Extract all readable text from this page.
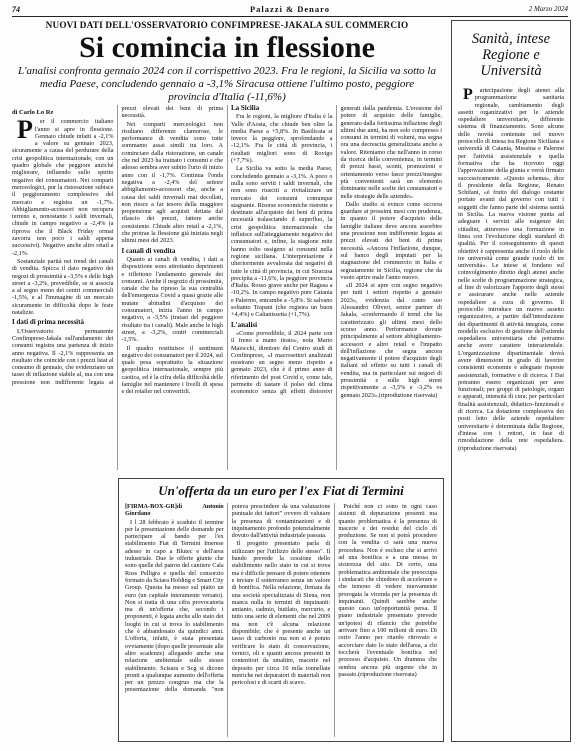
74	Palazzi & Denaro	2 Marzo 2024
NUOVI DATI DELL'OSSERVATORIO CONFIMPRESE-JAKALA SUL COMMERCIO
Si comincia in flessione
L'analisi confronta gennaio 2024 con il corrispettivo 2023. Fra le regioni, la Sicilia va sotto la media Paese, concludendo gennaio a -3,1% Siracusa ottiene l'ultimo posto, peggiore provincia d'Italia (-11,6%)
di Carlo Lo Re

P er il commercio italiano l'anno si apre in flessione. Gennaio chiude infatti a -2,1% a valore su gennaio 2023, sicuramente a causa del perdurare della crisi geopolitica internazionale, con un quadro globale che peggiore anziché migliorare, influendo sullo spirito negativo dei consumatori. Nei comparti merceologici, pur la ristorazione subisce il peggioramento complessivo del mercato e registra un -1,7%. Abbigliamento-accessori non recupera terreno e, nonostante i saldi invernali, chiude in campo negativo a -2,4% (a riprova che il Black Friday ormai zavorra non poco i saldi appena successivi). Negativo anche altro retail a -2,1%.

Sostanziale parità nei trend dei canali di vendita. Spicca il dato negativo dei negozi di prossimità a -3,5% e delle high street a -3,2%, prevedibile, se si associa a al segno meno dei centri commerciali -1,5%, e al l'immagine di un mercato sicuramente in difficoltà dopo le feste natalizie.

I dati di prima necessità

L'Osservatorio permanente Confimprese-Jakala sull'andamento dei consumi registra una partenza di inizio anno negativa. Il -2,1% rappresenta un risultato che coincide con i prezzi lstat al consumo di gennaio, che evidenziano un tasso di inflazione stabile al, ma con una pressione non indifferente legata ai prezzi elevati dei beni di prima necessità.

Nei comparti merceologici non risultano differenze clamorose, le performance di vendita sono tutte sommamo assai simili tra loro. A cominciare dalla ristorazione, un canale che nel 2023 ha trainato i consumi e che adesso sembra aver subito l'urto di inizio anno con il -1,7%. Continua l'onda negativa a -2,4% del settore abbigliamento-accessori che, anche a causa dei saldi invernali mai decollati, non riesce a far tesoro della maggiore propensione agli acquisti dettata dal rilascio dei prezzi, fattore anche consistente. Chiude altro retail a -2,1%, che protrae la flessione già iniziata negli ultimi mesi del 2023.

I canali di vendita

Quanto ai canali di vendita, i dati a disposizione sono attrettanto deprimenti e riflettono l'andamento generale dei consumi. Anche il negozio di prossimità, canale che ha ripreso la sua centralità dell'emergenza Covid a quasi grazie alle mutate abitudini d'acquisto dei consumatori, inizia l'anno in campo negativo, a -3,5% (tratasi del peggiore risultato tra i canali). Male anche le high street, a -3,2%, centri commerciali -1,5%.

Il quadro restituisce il sentiment negativo dei consumatori per il 2024, sul quale pesa soprattutto la situazione geopolitica internazionale, sempre più caotica, ed è la cifra della difficoltà delle famiglie nel mantenere i livelli di spesa e dei retailer nel convertirli.

La Sicilia

Fra le regioni, la migliore d'Italia è la Valle d'Aosta, che chiude ben oltre la media Paese a +5,8%. In Basilicata si invece la peggiore, sprofondando a -12,1%. Fra le città di provincia, i risultati migliori sono di Rovigo (+7,7%).

La Sicilia va sotto la media Paese, concludendo gennaio a -3,1%. A poco o nulla sono serviti i saldi invernali, che non sono riusciti a rivitalizzare un mercato dei consumi comunque stagnante. Risorse economiche ristrette e destinate all'acquisto dei beni di prima necessità tralasciando il superfluo, la crisi geopolitica internazionale che influisce sull'atteggiamento negativo dei consumatori e, infine, la stagione mite hanno tolto ossigeno ai consumi nella regione siciliana. L'interpretazione è ulteriormente avvalorata dai negativi di tutte le città di provincia, in cui Siracusa precipita a -11,6%, la peggiore provincia d'Italia. Rosso grave anche per Ragusa a -10,2%. In campo negativo pure Catania e Palermo, entrambe a -5,8%. Si salvano soltanto Trapani (che registra un buon +4,4%) e Caltanissetta (+1,7%).

L'analisi

«Come prevedibile, il 2024 parte con il freno a mano tirato», nota Mario Maiocchi, direttore del Centro studi di Confimprese, «I macrosettori analizzati mostrano un segno meno rispetto a gennaio 2023, che è il primo anno di riferimento del post Covid e, come tale, permette di tastare il polso del clima economico senza gli effetti distorsivi generati dalla pandemia. L'erosione del potere di acquisto delle famiglie, generato dalla fortissima inflazione degli ultimi due anni, ha non solo compresso i consumi in termini di volumi, ma segna ora una decrescita generalizzata anche a valore. Riteniamo che nell'anno in corso da ricerca della convenienza, in termini di prezzi bassi, sconti, promozioni e orientamento verso fasce prezzi/insegne più convenienti sarà un elemento dominante nelle scelte dei consumatori e nelle strategie delle aziende».

Dallo studio si evince come occorra guardare ai prossimi mesi con prudenza, in quanto il potere d'acquisto delle famiglie italiane deve ancora assorbire una pressione non indifferente legata ai prezzi elevati dei beni di prima necessità. «Ancora l'inflazione, dunque, sul banco degli imputati per la stagnazione del commercio in Italia e segnatamente in Sicilia, regione che da vuoto aprire male l'anno nuovo.

«Il 2024 si apre con segno negativo per tutti i settori rispetto a gennaio 2023», evidenzia dal canto suo Alessandro Oliveri, senior partner di Jakala, «confermando il trend che ha caratterizzato gli ultimi mesi dello scorso anno. Performance dovute principalmente al settore abbigliamento-accessori e altro retail e l'impatto dell'inflazione che segna ancora negativamente il potere d'acquisto degli italiani ed effetto su tutti i canali di vendita, ma in particolare sui negozi di prossimità e sulle high street rispettivamente a -3,5% e -3,2% vs gennaio 2023».(riproduzione riservata)

Un'offerta da un euro per l'ex Fiat di Termini

[FIRMA-BOX-GR]di Antonio Giordano

I l 28 febbraio è scaduto il termine per la presentazione delle domande per partecipare al bando per l'ex stabilimento Fiat di Termini Imerese adesso in capo a Blutec e dell'area industriale. Due le offerte giunte che sono quelle del patron del cantiere Cala Ross Pelligra e quella del consorzio formato da Sciara Holding e Smart City Group. Questa ha messo sul piatto un euro (un capitale interamente versato). Non si tratta di una cifra provocatoria ma di un'offerta che, secondo i proponenti, è legata anche allo stato dei luoghi in cui si trova lo stabilimento che è abbandonato da quindici anni. L'offerta, infatti, è stata presentata ovviamente (dopo quelle presentate alle altre scadenze) allegando anche una relazione ambientale sullo stesso stabilimento. Scisara e Scg si dicono pronti a qualunque aumento dell'offerta per un prezzo congruo ma che la presentazione della domanda "non poteva prescindere da una valutazione puntuale dei fattori" ovvero di valutare la presenza di contaminazioni e di inquinamento profondo potenzialmente dovuto dall'attività industriale passata.

Il progetto presentato parla di utilizzare per l'utilizzo dello stesso". Il bando prevede la cessione dello stabilimento nello stato in cui si trova ma è difficile pensare di potere ottenere e inviare il sotterraneo senza un valore di bonifica. Nella relazione, firmata da una società specializzata di Siena, non manca nulla in termini di inquinanti: amianto, cadmio, butilato, mercurio, e tutto una serie di elementi che nel 2009 ma non c'è alcuna relazione disponibile; che è presente anche un tasso di carbonio ma non si è potuto verificare lo stato di conservazione, vernici, oli e quanti ancora presenti in contenitori da smaltire, macerie nel deposito per circa 10 mila tonnellate metriche nei depuratori di materiali non pericolosi e di scarti di scavo.

Poiché non ci sono in ogni caso sistemi di depurazione presenti ma quanto problematica è la presenza di macerie e dei residui del ciclo di produzione. Se non si potrà procedere con la vendita ci sarà una nuova procedura. Non è escluso che si arrivi ad una bonifica e a una messa in sicurezza del sito. Di certo, una problematica ambientale che preoccupa i sindacati che chiedono di accelerare e che temono di vedere nuovamente prorogata la vicenda per la presenza di inquinanti. Quindi sarebbe anche questo caso un'opportunità persa. Il piano industriale presentato prevede un'ipotesi di rilancio che potrebbe arrivare fino a 100 milioni di euro. Di certo l'anno per ritardo ritrovato e accorciare dato lo stato dell'area, a chi toccherà l'eventuale bonifica nel processo d'acquisto. Un dramma che sembra ancora più urgente che in passato.(riproduzione riservata)

Sanità, intese Regione e Università

P artecipazione degli atenei alla programmazione sanitaria regionale, cambiamento degli assetti organizzativi per le aziende ospedaliere universitarie, differente sistema di finanziamento. Sono alcune delle novità contenute nel nuovo protocollo di intesa tra Regione Siciliana e università di Catania, Messina e Palermo per l'attività assistenziale e quella formativa che ha ricevuto oggi l'approvazione della giunta e verrà firmato successivamente. «Questo schema», dice il presidente della Regione, Renato Schifani, «è frutto del dialogo costante portato avanti dal governo con tutti i soggetti che fanno parte del sistema sanità in Sicilia. La nuova visione punta ad adeguare i servizi alle esigenze dei cittadini, attraverso una formazione in linea con l'evoluzione degli standard di qualità. Per il conseguimento di questi obiettivi è rappresenta anche il ruolo delle tre università come grande ruolo di tre università». Le intese si fondano sul coinvolgimento diretto degli atenei anche nelle scelte di programmazione strategica, al fine di valorizzare l'apporto degli stessi e assicurare anche nelle aziende ospedaliere a cura di governo. Il protocollo introduce un nuovo assetto organizzativo, a partire dall'introduzione dei dipartimenti di attività integrata, come modello esclusivo di gestione dell'azienda ospedaliera universitaria che potranno anche avere carattere interaziendale. L'organizzazione dipartimentale dovrà avere dimensioni in grado di favorire consistenti economie e adeguate risposte assistenziali, formative e di ricerca. I Dai potranno essere organizzati per aree funzionali; per gruppi di patologie, organi e apparati, intensità di cura; per particolari finalità assistenziali, didattico-funzionali e di ricerca. La dotazione complessiva dei posti letto delle aziende ospedaliere universitarie è determinata dalla Regione, d'intesa con i rettori, in fase di rimodulazione della rete ospedaliera. (riproduzione riservata)
